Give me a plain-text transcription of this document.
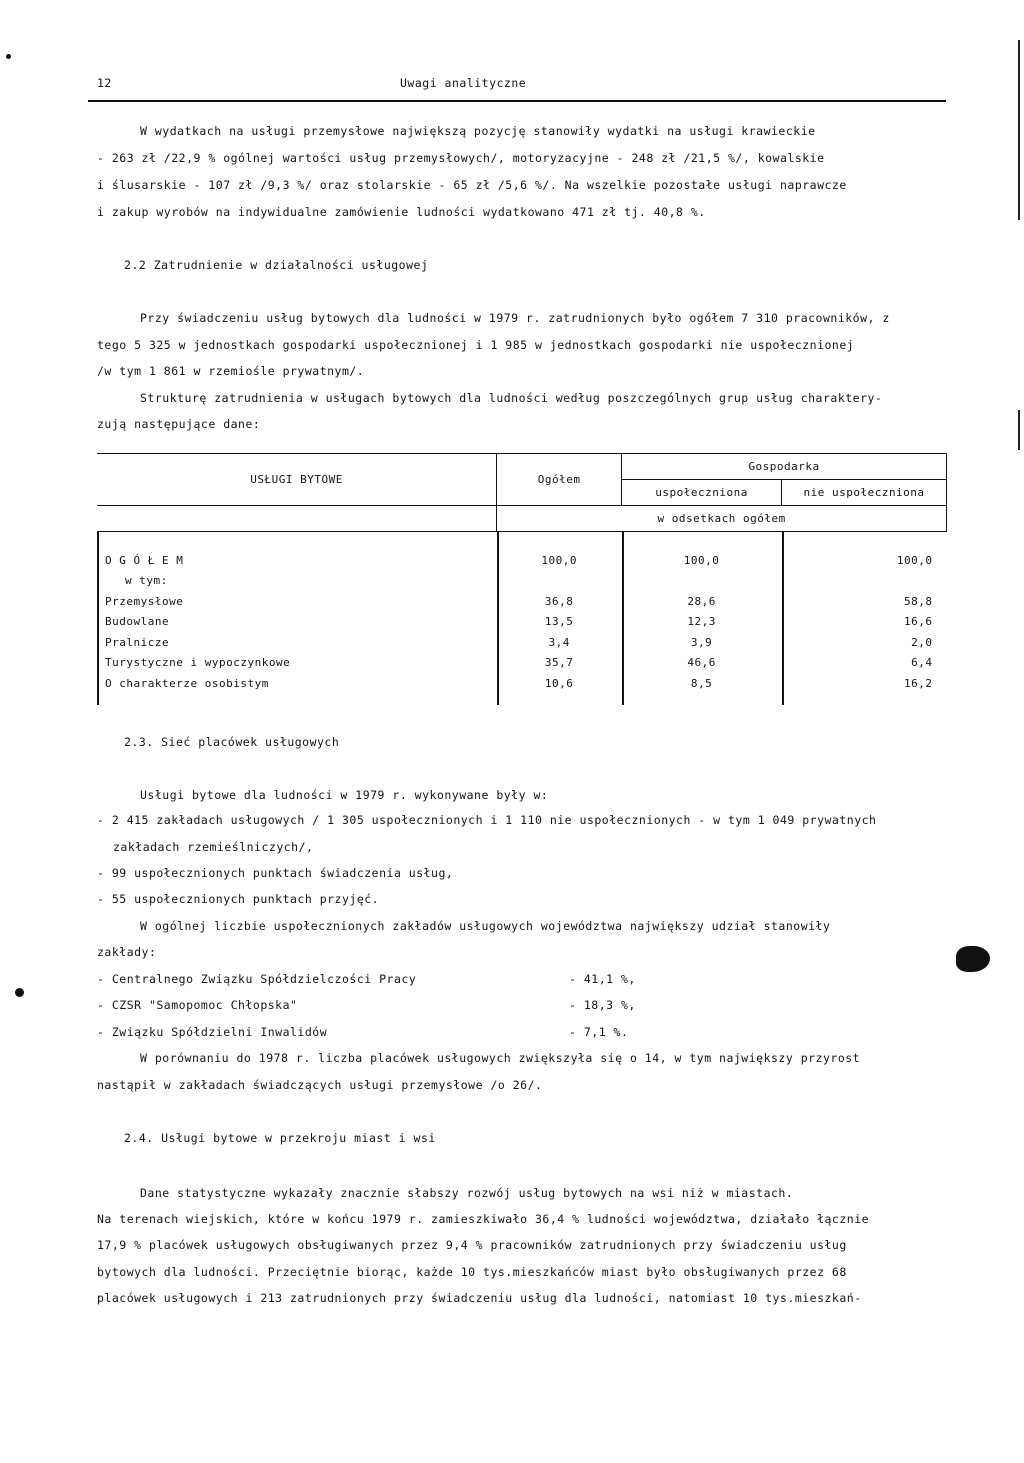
12	Uwagi analityczne
W wydatkach na usługi przemysłowe największą pozycję stanowiły wydatki na usługi krawieckie
- 263 zł /22,9 % ogólnej wartości usług przemysłowych/, motoryzacyjne - 248 zł /21,5 %/, kowalskie
i ślusarskie - 107 zł /9,3 %/ oraz stolarskie - 65 zł /5,6 %/. Na wszelkie pozostałe usługi naprawcze
i zakup wyrobów na indywidualne zamówienie ludności wydatkowano 471 zł tj. 40,8 %.
2.2 Zatrudnienie w działalności usługowej
Przy świadczeniu usług bytowych dla ludności w 1979 r. zatrudnionych było ogółem 7 310 pracowników, z
tego 5 325 w jednostkach gospodarki uspołecznionej i 1 985 w jednostkach gospodarki nie uspołecznionej
/w tym 1 861 w rzemiośle prywatnym/.
Strukturę zatrudnienia w usługach bytowych dla ludności według poszczególnych grup usług charaktery-
zują następujące dane:
USŁUGI BYTOWE	Ogółem	Gospodarka	
		uspołeczniona	nie uspołeczniona
	w odsetkach ogółem		

O G Ó Ł E M	100,0	100,0	100,0
w tym:			
Przemysłowe	36,8	28,6	58,8
Budowlane	13,5	12,3	16,6
Pralnicze	3,4	3,9	2,0
Turystyczne i wypoczynkowe	35,7	46,6	6,4
O charakterze osobistym	10,6	8,5	16,2

2.3. Sieć placówek usługowych
Usługi bytowe dla ludności w 1979 r. wykonywane były w:
- 2 415 zakładach usługowych / 1 305 uspołecznionych i 1 110 nie uspołecznionych - w tym 1 049 prywatnych
zakładach rzemieślniczych/,
- 99 uspołecznionych punktach świadczenia usług,
- 55 uspołecznionych punktach przyjęć.
W ogólnej liczbie uspołecznionych zakładów usługowych województwa największy udział stanowiły
zakłady:
- Centralnego Związku Spółdzielczości Pracy	- 41,1 %,
- CZSR "Samopomoc Chłopska"	- 18,3 %,
- Związku Spółdzielni Inwalidów	- 7,1 %.
W porównaniu do 1978 r. liczba placówek usługowych zwiększyła się o 14, w tym największy przyrost
nastąpił w zakładach świadczących usługi przemysłowe /o 26/.
2.4. Usługi bytowe w przekroju miast i wsi
Dane statystyczne wykazały znacznie słabszy rozwój usług bytowych na wsi niż w miastach.
Na terenach wiejskich, które w końcu 1979 r. zamieszkiwało 36,4 % ludności województwa, działało łącznie
17,9 % placówek usługowych obsługiwanych przez 9,4 % pracowników zatrudnionych przy świadczeniu usług
bytowych dla ludności. Przeciętnie biorąc, każde 10 tys.mieszkańców miast było obsługiwanych przez 68
placówek usługowych i 213 zatrudnionych przy świadczeniu usług dla ludności, natomiast 10 tys.mieszkań-
